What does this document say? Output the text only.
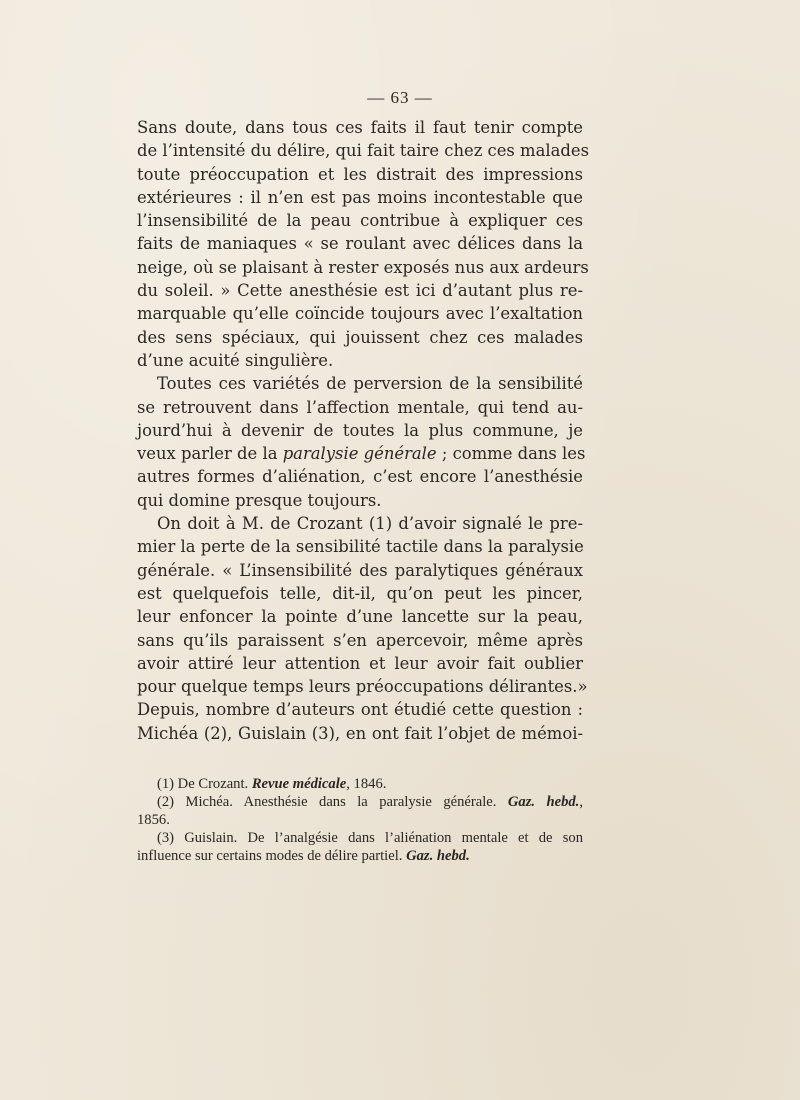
— 63 —
Sans doute, dans tous ces faits il faut tenir compte
de l’intensité du délire, qui fait taire chez ces malades
toute préoccupation et les distrait des impressions
extérieures : il n’en est pas moins incontestable que
l’insensibilité de la peau contribue à expliquer ces
faits de maniaques « se roulant avec délices dans la
neige, où se plaisant à rester exposés nus aux ardeurs
du soleil. » Cette anesthésie est ici d’autant plus re-
marquable qu’elle coïncide toujours avec l’exaltation
des sens spéciaux, qui jouissent chez ces malades
d’une acuité singulière.
Toutes ces variétés de perversion de la sensibilité
se retrouvent dans l’affection mentale, qui tend au-
jourd’hui à devenir de toutes la plus commune, je
veux parler de la paralysie générale ; comme dans les
autres formes d’aliénation, c’est encore l’anesthésie
qui domine presque toujours.
On doit à M. de Crozant (1) d’avoir signalé le pre-
mier la perte de la sensibilité tactile dans la paralysie
générale. « L’insensibilité des paralytiques généraux
est quelquefois telle, dit-il, qu’on peut les pincer,
leur enfoncer la pointe d’une lancette sur la peau,
sans qu’ils paraissent s’en apercevoir, même après
avoir attiré leur attention et leur avoir fait oublier
pour quelque temps leurs préoccupations délirantes.»
Depuis, nombre d’auteurs ont étudié cette question :
Michéa (2), Guislain (3), en ont fait l’objet de mémoi-
(1) De Crozant. Revue médicale, 1846.
(2) Michéa. Anesthésie dans la paralysie générale. Gaz. hebd.,
1856.
(3) Guislain. De l’analgésie dans l’aliénation mentale et de son
influence sur certains modes de délire partiel. Gaz. hebd.
